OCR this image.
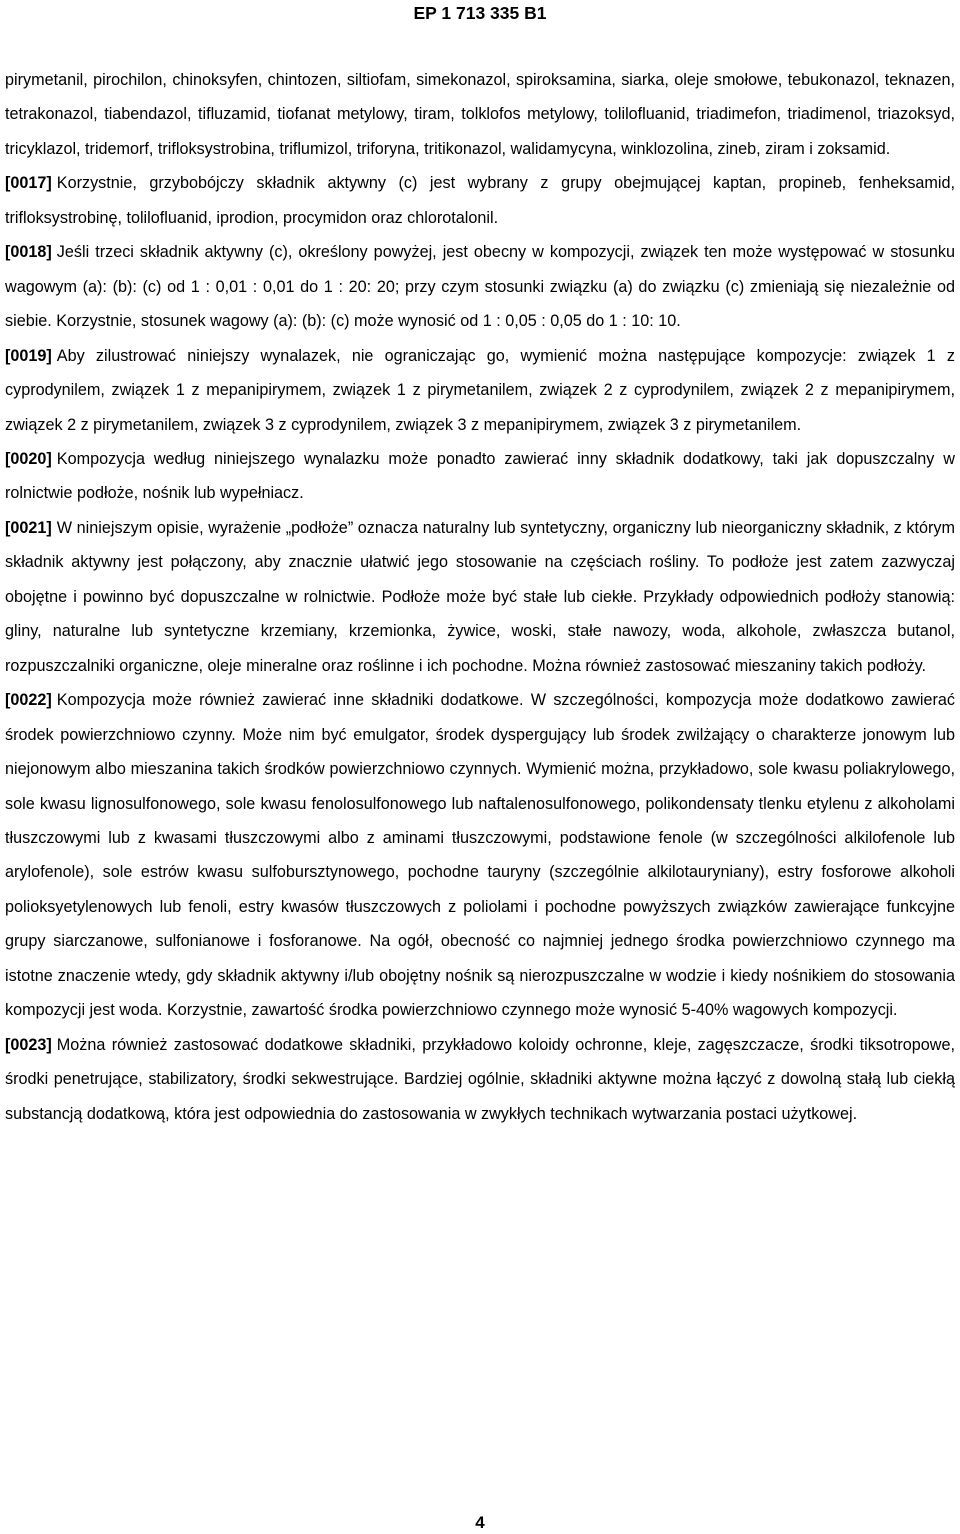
EP 1 713 335 B1

pirymetanil, pirochilon, chinoksyfen, chintozen, siltiofam, simekonazol, spiroksamina, siarka, oleje smołowe, tebukonazol, teknazen, tetrakonazol, tiabendazol, tifluzamid, tiofanat metylowy, tiram, tolklofos metylowy, tolilofluanid, triadimefon, triadimenol, triazoksyd, tricyklazol, tridemorf, trifloksystrobina, triflumizol, triforyna, tritikonazol, walidamycyna, winklozolina, zineb, ziram i zoksamid.

[0017] Korzystnie, grzybobójczy składnik aktywny (c) jest wybrany z grupy obejmującej kaptan, propineb, fenheksamid, trifloksystrobinę, tolilofluanid, iprodion, procymidon oraz chlorotalonil.

[0018] Jeśli trzeci składnik aktywny (c), określony powyżej, jest obecny w kompozycji, związek ten może występować w stosunku wagowym (a): (b): (c) od 1 : 0,01 : 0,01 do 1 : 20: 20; przy czym stosunki związku (a) do związku (c) zmieniają się niezależnie od siebie. Korzystnie, stosunek wagowy (a): (b): (c) może wynosić od 1 : 0,05 : 0,05 do 1 : 10: 10.

[0019] Aby zilustrować niniejszy wynalazek, nie ograniczając go, wymienić można następujące kompozycje: związek 1 z cyprodynilem, związek 1 z mepanipirymem, związek 1 z pirymetanilem, związek 2 z cyprodynilem, związek 2 z mepanipirymem, związek 2 z pirymetanilem, związek 3 z cyprodynilem, związek 3 z mepanipirymem, związek 3 z pirymetanilem.

[0020] Kompozycja według niniejszego wynalazku może ponadto zawierać inny składnik dodatkowy, taki jak dopuszczalny w rolnictwie podłoże, nośnik lub wypełniacz.

[0021] W niniejszym opisie, wyrażenie „podłoże” oznacza naturalny lub syntetyczny, organiczny lub nieorganiczny składnik, z którym składnik aktywny jest połączony, aby znacznie ułatwić jego stosowanie na częściach rośliny. To podłoże jest zatem zazwyczaj obojętne i powinno być dopuszczalne w rolnictwie. Podłoże może być stałe lub ciekłe. Przykłady odpowiednich podłoży stanowią: gliny, naturalne lub syntetyczne krzemiany, krzemionka, żywice, woski, stałe nawozy, woda, alkohole, zwłaszcza butanol, rozpuszczalniki organiczne, oleje mineralne oraz roślinne i ich pochodne. Można również zastosować mieszaniny takich podłoży.

[0022] Kompozycja może również zawierać inne składniki dodatkowe. W szczególności, kompozycja może dodatkowo zawierać środek powierzchniowo czynny. Może nim być emulgator, środek dyspergujący lub środek zwilżający o charakterze jonowym lub niejonowym albo mieszanina takich środków powierzchniowo czynnych. Wymienić można, przykładowo, sole kwasu poliakrylowego, sole kwasu lignosulfonowego, sole kwasu fenolosulfonowego lub naftalenosulfonowego, polikondensaty tlenku etylenu z alkoholami tłuszczowymi lub z kwasami tłuszczowymi albo z aminami tłuszczowymi, podstawione fenole (w szczególności alkilofenole lub arylofenole), sole estrów kwasu sulfobursztynowego, pochodne tauryny (szczególnie alkilotauryniany), estry fosforowe alkoholi polioksyetylenowych lub fenoli, estry kwasów tłuszczowych z poliolami i pochodne powyższych związków zawierające funkcyjne grupy siarczanowe, sulfonianowe i fosforanowe. Na ogół, obecność co najmniej jednego środka powierzchniowo czynnego ma istotne znaczenie wtedy, gdy składnik aktywny i/lub obojętny nośnik są nierozpuszczalne w wodzie i kiedy nośnikiem do stosowania kompozycji jest woda. Korzystnie, zawartość środka powierzchniowo czynnego może wynosić 5-40% wagowych kompozycji.

[0023] Można również zastosować dodatkowe składniki, przykładowo koloidy ochronne, kleje, zagęszczacze, środki tiksotropowe, środki penetrujące, stabilizatory, środki sekwestrujące. Bardziej ogólnie, składniki aktywne można łączyć z dowolną stałą lub ciekłą substancją dodatkową, która jest odpowiednia do zastosowania w zwykłych technikach wytwarzania postaci użytkowej.

4
